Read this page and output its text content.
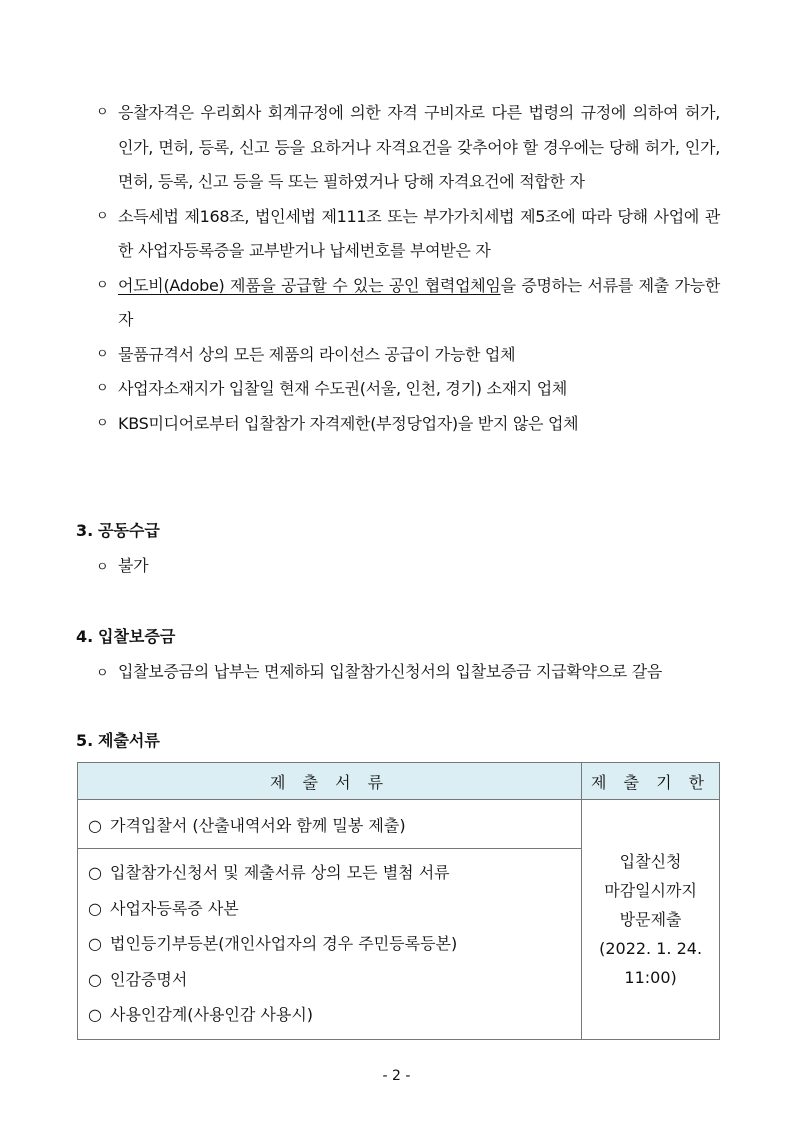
ㅇ 응찰자격은 우리회사 회계규정에 의한 자격 구비자로 다른 법령의 규정에 의하여 허가, 인가, 면허, 등록, 신고 등을 요하거나 자격요건을 갖추어야 할 경우에는 당해 허가, 인가, 면허, 등록, 신고 등을 득 또는 필하였거나 당해 자격요건에 적합한 자
ㅇ 소득세법 제168조, 법인세법 제111조 또는 부가가치세법 제5조에 따라 당해 사업에 관한 사업자등록증을 교부받거나 납세번호를 부여받은 자
ㅇ 어도비(Adobe) 제품을 공급할 수 있는 공인 협력업체임을 증명하는 서류를 제출 가능한자
ㅇ 물품규격서 상의 모든 제품의 라이선스 공급이 가능한 업체
ㅇ 사업자소재지가 입찰일 현재 수도권(서울, 인천, 경기) 소재지 업체
ㅇ KBS미디어로부터 입찰참가 자격제한(부정당업자)을 받지 않은 업체
3. 공동수급
ㅇ 불가
4. 입찰보증금
ㅇ 입찰보증금의 납부는 면제하되 입찰참가신청서의 입찰보증금 지급확약으로 갈음
5. 제출서류
제 출 서 류	제 출 기 한
○ 가격입찰서 (산출내역서와 함께 밀봉 제출)	입찰신청
마감일시까지
방문제출
(2022. 1. 24.
11:00)

○ 입찰참가신청서 및 제출서류 상의 모든 별첨 서류
○ 사업자등록증 사본
○ 법인등기부등본(개인사업자의 경우 주민등록등본)
○ 인감증명서
○ 사용인감계(사용인감 사용시)	
- 2 -
